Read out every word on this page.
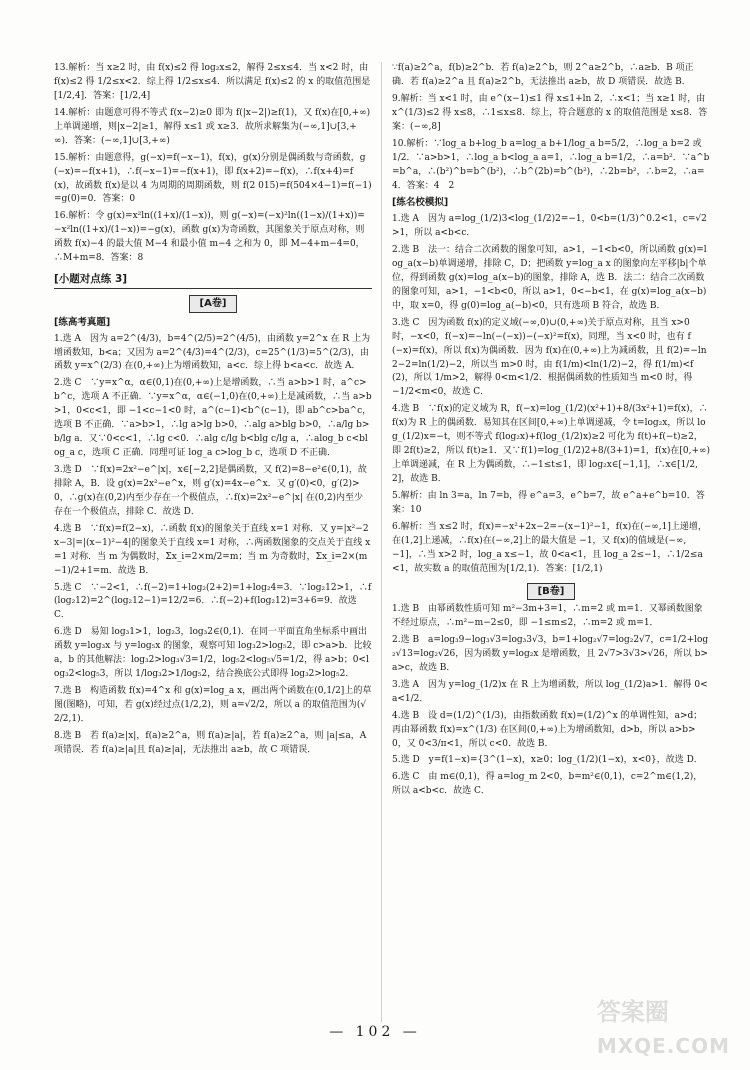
13.解析：当 x≥2 时，由 f(x)≤2 得 log₂x≤2，解得 2≤x≤4．当 x<2 时，由 f(x)≤2 得 1/2≤x<2．综上得 1/2≤x≤4．所以满足 f(x)≤2 的 x 的取值范围是 [1/2,4]．答案：[1/2,4]

14.解析：由题意可得不等式 f(x−2)≥0 即为 f(|x−2|)≥f(1)，又 f(x)在[0,+∞)上单调递增，则|x−2|≥1，解得 x≤1 或 x≥3．故所求解集为(−∞,1]∪[3,+∞)．答案：(−∞,1]∪[3,+∞)

15.解析：由题意得，g(−x)=f(−x−1)，f(x)，g(x)分别是偶函数与奇函数，g(−x)=−f(x+1)，∴f(−x−1)=−f(x+1)，即 f(x+2)=−f(x)，∴f(x+4)=f(x)，故函数 f(x)是以 4 为周期的周期函数，则 f(2 015)=f(504×4−1)=f(−1)=g(0)=0．答案：0

16.解析：令 g(x)=x²ln((1+x)/(1−x))，则 g(−x)=(−x)²ln((1−x)/(1+x))=−x²ln((1+x)/(1−x))=−g(x)，函数 g(x)为奇函数，其图象关于原点对称，则函数 f(x)−4 的最大值 M−4 和最小值 m−4 之和为 0，即 M−4+m−4=0，∴M+m=8．答案：8

[小题对点练 3]
[A卷]
[练高考真题]

1.选 A　因为 a=2^(4/3)，b=4^(2/5)=2^(4/5)，由函数 y=2^x 在 R 上为增函数知，b<a；又因为 a=2^(4/3)=4^(2/3)，c=25^(1/3)=5^(2/3)，由函数 y=x^(2/3) 在(0,+∞)上为增函数知，a<c．综上得 b<a<c．故选 A．

2.选 C　∵y=x^α，α∈(0,1)在(0,+∞)上是增函数，∴当 a>b>1 时，a^c>b^c，选项 A 不正确．∵y=x^α，α∈(−1,0)在(0,+∞)上是减函数，∴当 a>b>1，0<c<1，即 −1<c−1<0 时，a^(c−1)<b^(c−1)，即 ab^c>ba^c，选项 B 不正确．∵a>b>1，∴lg a>lg b>0，∴alg a>blg b>0，∴a/lg b>b/lg a．又∵0<c<1，∴lg c<0．∴alg c/lg b<blg c/lg a，∴alog_b c<blog_a c，选项 C 正确．同理可证 log_a c>log_b c，选项 D 不正确．

3.选 D　∵f(x)=2x²−e^|x|，x∈[−2,2]是偶函数，又 f(2)=8−e²∈(0,1)，故排除 A，B．设 g(x)=2x²−e^x，则 g′(x)=4x−e^x．又 g′(0)<0，g′(2)>0，∴g(x)在(0,2)内至少存在一个极值点，∴f(x)=2x²−e^|x| 在(0,2)内至少存在一个极值点，排除 C．故选 D．

4.选 B　∵f(x)=f(2−x)，∴函数 f(x)的图象关于直线 x=1 对称．又 y=|x²−2x−3|=|(x−1)²−4|的图象关于直线 x=1 对称，∴两函数图象的交点关于直线 x=1 对称．当 m 为偶数时，Σx_i=2×m/2=m；当 m 为奇数时，Σx_i=2×(m−1)/2+1=m．故选 B．

5.选 C　∵−2<1，∴f(−2)=1+log₂(2+2)=1+log₂4=3．∵log₂12>1，∴f(log₂12)=2^(log₂12−1)=12/2=6．∴f(−2)+f(log₂12)=3+6=9．故选 C．

6.选 D　易知 log₃1>1，log₂3，log₃2∈(0,1)．在同一平面直角坐标系中画出函数 y=log₃x 与 y=log₅x 的图象，观察可知 log₃2>log₅2，即 c>a>b．比较 a，b 的其他解法：log₃2>log₃√3=1/2，log₅2<log₅√5=1/2，得 a>b；0<log₃2<log₅3，所以 1/log₃2>1/log₅2，结合换底公式即得 log₃2>log₅2．

7.选 B　构造函数 f(x)=4^x 和 g(x)=log_a x，画出两个函数在(0,1/2]上的草图(图略)，可知，若 g(x)经过点(1/2,2)，则 a=√2/2，所以 a 的取值范围为(√2/2,1)．

8.选 B　若 f(a)≥|x|，f(a)≥2^a，则 f(a)≥|a|，若 f(a)≥2^a，则 |a|≤a，A 项错误．若 f(a)≥|a|且 f(a)≥|a|，无法推出 a≥b，故 C 项错误．

∵f(a)≥2^a，f(b)≥2^b．若 f(a)≥2^b，则 2^a≥2^b，∴a≥b．B 项正确．若 f(a)≥2^a 且 f(a)≥2^b，无法推出 a≥b，故 D 项错误．故选 B．

9.解析：当 x<1 时，由 e^(x−1)≤1 得 x≤1+ln 2，∴x<1；当 x≥1 时，由 x^(1/3)≤2 得 x≤8，∴1≤x≤8．综上，符合题意的 x 的取值范围是 x≤8．答案：(−∞,8]

10.解析：∵log_a b+log_b a=log_a b+1/log_a b=5/2，∴log_a b=2 或 1/2．∵a>b>1，∴log_a b<log_a a=1，∴log_a b=1/2，∴a=b²．∵a^b=b^a，∴(b²)^b=b^(b²)，∴b^(2b)=b^(b²)，∴2b=b²，∴b=2，∴a=4．答案：4　2

[练名校模拟]

1.选 A　因为 a=log_(1/2)3<log_(1/2)2=−1，0<b=(1/3)^0.2<1，c=√2>1，所以 a<b<c．

2.选 B　法一：结合二次函数的图象可知，a>1，−1<b<0，所以函数 g(x)=log_a(x−b)单调递增，排除 C，D；把函数 y=log_a x 的图象向左平移|b|个单位，得到函数 g(x)=log_a(x−b)的图象，排除 A，选 B．法二：结合二次函数的图象可知，a>1，−1<b<0，所以 a>1，0<−b<1，在 g(x)=log_a(x−b)中，取 x=0，得 g(0)=log_a(−b)<0，只有选项 B 符合，故选 B．

3.选 C　因为函数 f(x)的定义域(−∞,0)∪(0,+∞)关于原点对称，且当 x>0 时，−x<0，f(−x)=−ln(−(−x))−(−x)²=f(x)，同理，当 x<0 时，也有 f(−x)=f(x)，所以 f(x)为偶函数．因为 f(x)在(0,+∞)上为减函数，且 f(2)=−ln 2−2=ln(1/2)−2，所以当 m>0 时，由 f(1/m)<ln(1/2)−2，得 f(1/m)<f(2)，所以 1/m>2，解得 0<m<1/2．根据偶函数的性质知当 m<0 时，得 −1/2<m<0，故选 C．

4.选 B　∵f(x)的定义域为 R，f(−x)=log_(1/2)(x²+1)+8/(3x²+1)=f(x)，∴f(x)为 R 上的偶函数．易知其在区间[0,+∞)上单调递减，令 t=log₂x，所以 log_(1/2)x=−t，则不等式 f(log₂x)+f(log_(1/2)x)≥2 可化为 f(t)+f(−t)≥2，即 2f(t)≥2，所以 f(t)≥1．又∵f(1)=log_(1/2)2+8/(3+1)=1，f(x)在[0,+∞)上单调递减，在 R 上为偶函数，∴−1≤t≤1，即 log₂x∈[−1,1]，∴x∈[1/2,2]，故选 B．

5.解析：由 ln 3=a，ln 7=b，得 e^a=3，e^b=7，故 e^a+e^b=10．答案：10

6.解析：当 x≤2 时，f(x)=−x²+2x−2=−(x−1)²−1，f(x)在(−∞,1]上递增，在(1,2]上递减，∴f(x)在(−∞,2]上的最大值是 −1，又 f(x)的值域是(−∞,−1]，∴当 x>2 时，log_a x≤−1，故 0<a<1，且 log_a 2≤−1，∴1/2≤a<1，故实数 a 的取值范围为[1/2,1)．答案：[1/2,1)

[B卷]

1.选 B　由幂函数性质可知 m²−3m+3=1，∴m=2 或 m=1．又幂函数图象不经过原点，∴m²−m−2≤0，即 −1≤m≤2，∴m=2 或 m=1．

2.选 B　a=log₃9−log₃√3=log₃3√3，b=1+log₂√7=log₂2√7，c=1/2+log₂√13=log₂√26，因为函数 y=log₂x 是增函数，且 2√7>3√3>√26，所以 b>a>c，故选 B．

3.选 A　因为 y=log_(1/2)x 在 R 上为增函数，所以 log_(1/2)a>1．解得 0<a<1/2．

4.选 B　设 d=(1/2)^(1/3)，由指数函数 f(x)=(1/2)^x 的单调性知，a>d；再由幂函数 f(x)=x^(1/3) 在区间(0,+∞)上为增函数知，d>b，所以 a>b>0，又 0<3/π<1，所以 c<0．故选 B．

5.选 D　y=f(1−x)={3^(1−x)，x≥0；log_(1/2)(1−x)，x<0}，故选 D．

6.选 C　由 m∈(0,1)，得 a=log_m 2<0，b=m²∈(0,1)，c=2^m∈(1,2)，所以 a<b<c．故选 C．

— 102 —
答案圈
MXQE.COM
